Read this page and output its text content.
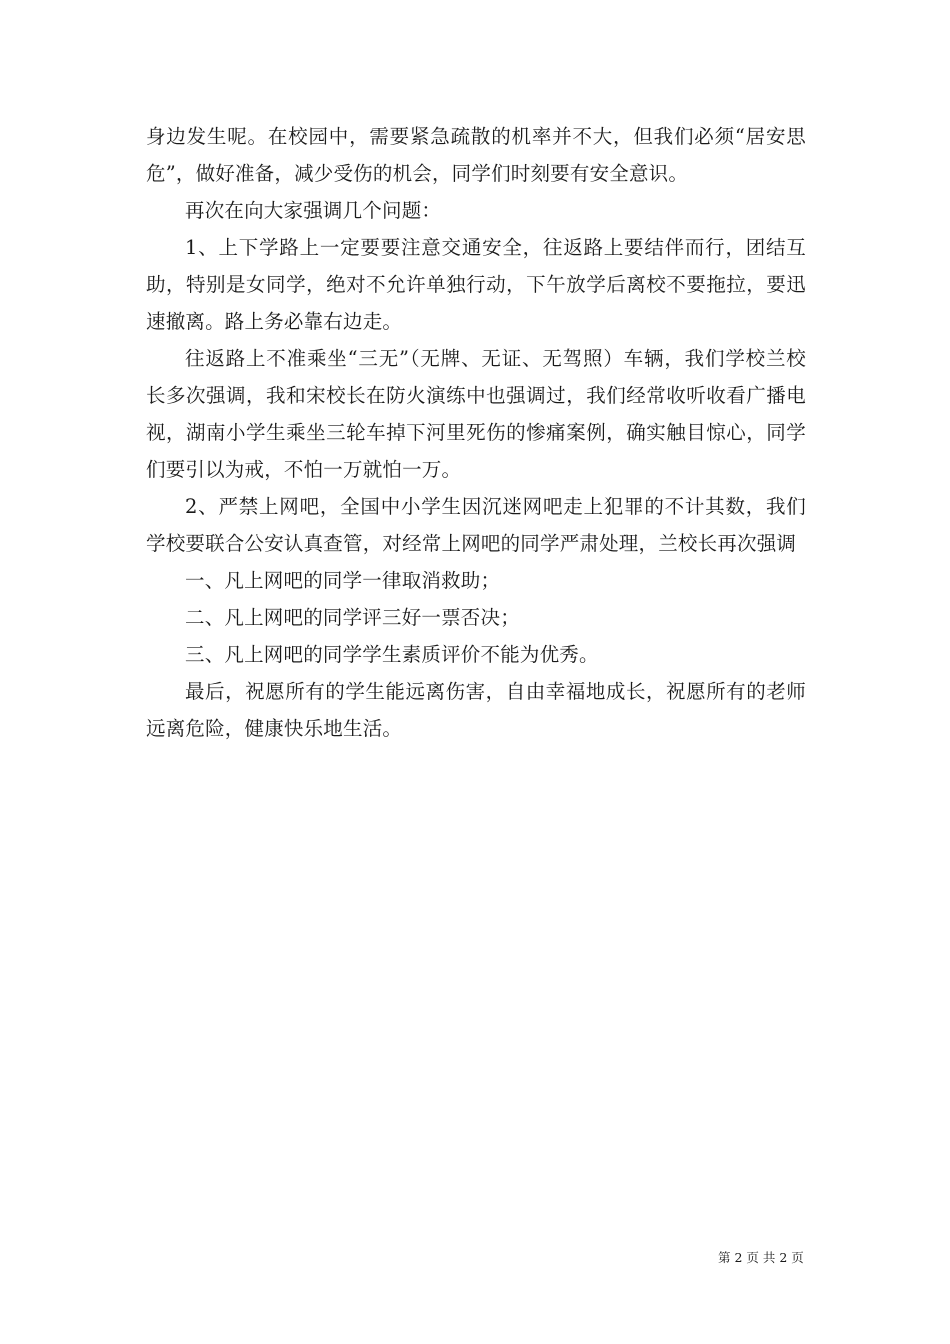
身边发生呢。在校园中，需要紧急疏散的机率并不大，但我们必须“居安思危”，做好准备，减少受伤的机会，同学们时刻要有安全意识。

再次在向大家强调几个问题：

1、上下学路上一定要要注意交通安全，往返路上要结伴而行，团结互助，特别是女同学，绝对不允许单独行动，下午放学后离校不要拖拉，要迅速撤离。路上务必靠右边走。

往返路上不准乘坐“三无”（无牌、无证、无驾照）车辆，我们学校兰校长多次强调，我和宋校长在防火演练中也强调过，我们经常收听收看广播电视，湖南小学生乘坐三轮车掉下河里死伤的惨痛案例，确实触目惊心，同学们要引以为戒，不怕一万就怕一万。

2、严禁上网吧，全国中小学生因沉迷网吧走上犯罪的不计其数，我们学校要联合公安认真查管，对经常上网吧的同学严肃处理，兰校长再次强调

一、凡上网吧的同学一律取消救助；

二、凡上网吧的同学评三好一票否决；

三、凡上网吧的同学学生素质评价不能为优秀。

最后，祝愿所有的学生能远离伤害，自由幸福地成长，祝愿所有的老师远离危险，健康快乐地生活。

第 2 页 共 2 页
